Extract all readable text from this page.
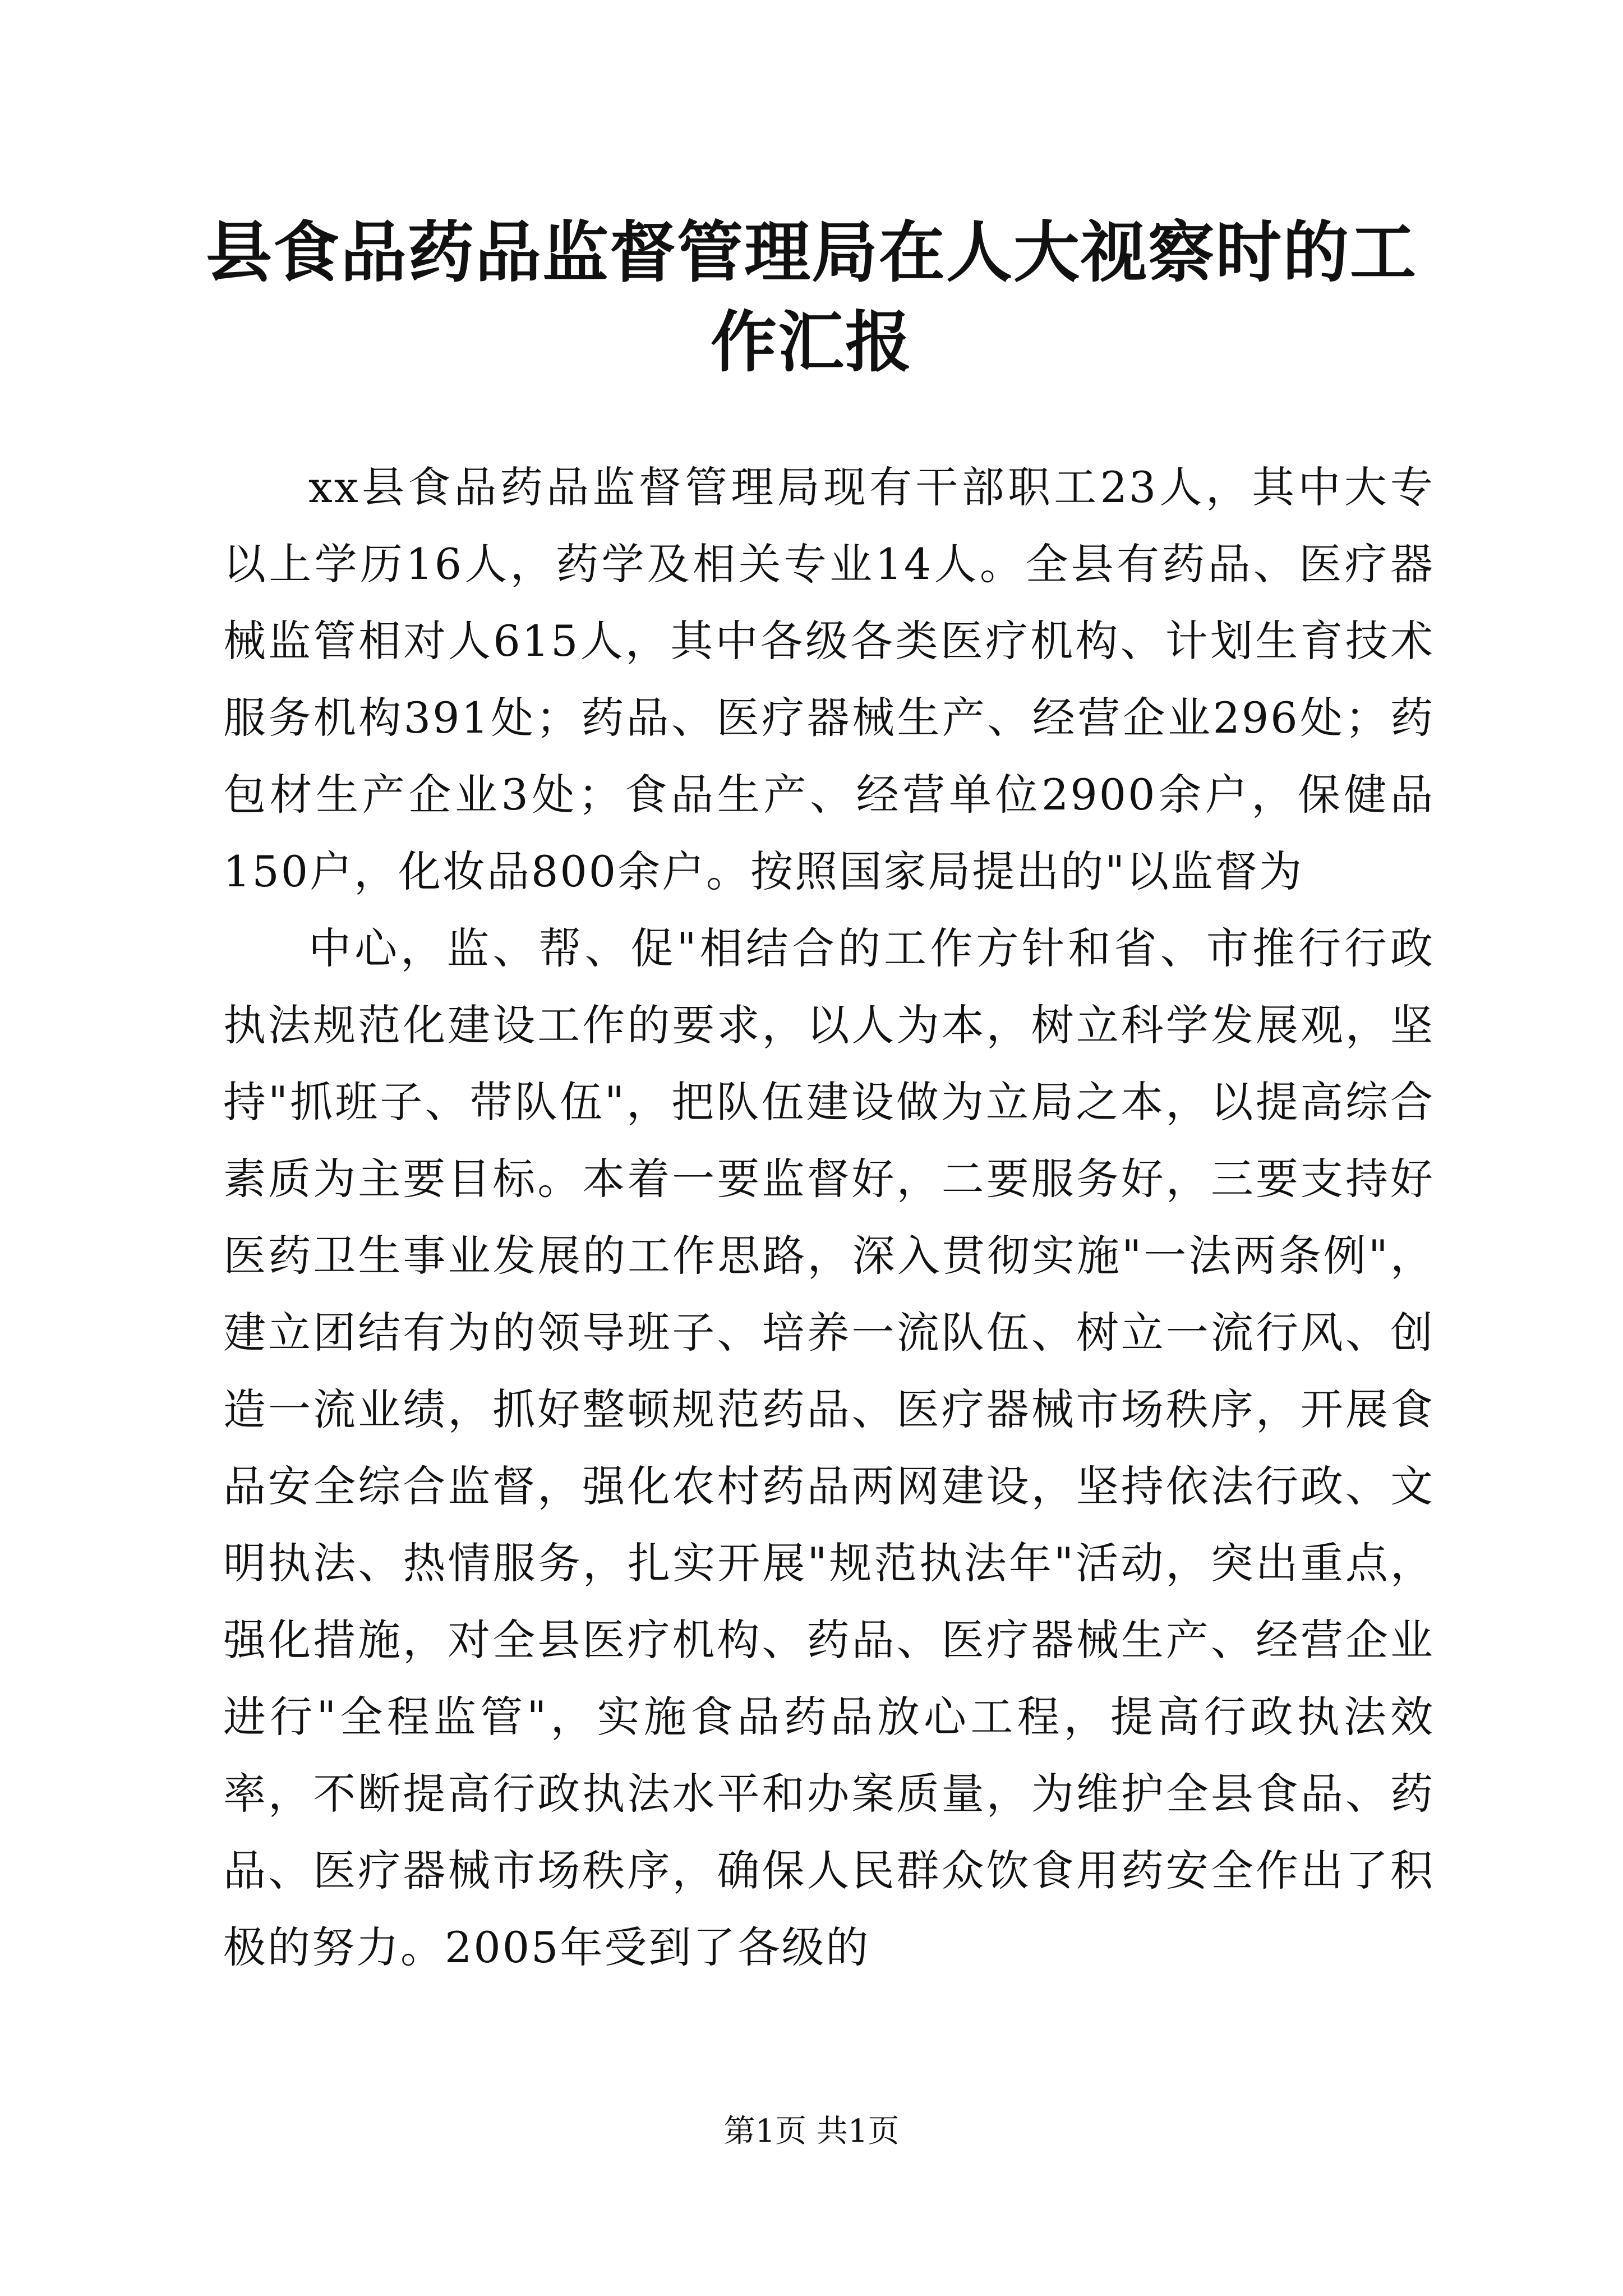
县食品药品监督管理局在人大视察时的工作汇报

xx县食品药品监督管理局现有干部职工23人，其中大专以上学历16人，药学及相关专业14人。全县有药品、医疗器械监管相对人615人，其中各级各类医疗机构、计划生育技术服务机构391处；药品、医疗器械生产、经营企业296处；药包材生产企业3处；食品生产、经营单位2900余户，保健品150户，化妆品800余户。按照国家局提出的"以监督为

中心，监、帮、促"相结合的工作方针和省、市推行行政执法规范化建设工作的要求，以人为本，树立科学发展观，坚持"抓班子、带队伍"，把队伍建设做为立局之本，以提高综合素质为主要目标。本着一要监督好，二要服务好，三要支持好医药卫生事业发展的工作思路，深入贯彻实施"一法两条例"，建立团结有为的领导班子、培养一流队伍、树立一流行风、创造一流业绩，抓好整顿规范药品、医疗器械市场秩序，开展食品安全综合监督，强化农村药品两网建设，坚持依法行政、文明执法、热情服务，扎实开展"规范执法年"活动，突出重点，强化措施，对全县医疗机构、药品、医疗器械生产、经营企业进行"全程监管"，实施食品药品放心工程，提高行政执法效率，不断提高行政执法水平和办案质量，为维护全县食品、药品、医疗器械市场秩序，确保人民群众饮食用药安全作出了积极的努力。2005年受到了各级的

第1页 共1页
